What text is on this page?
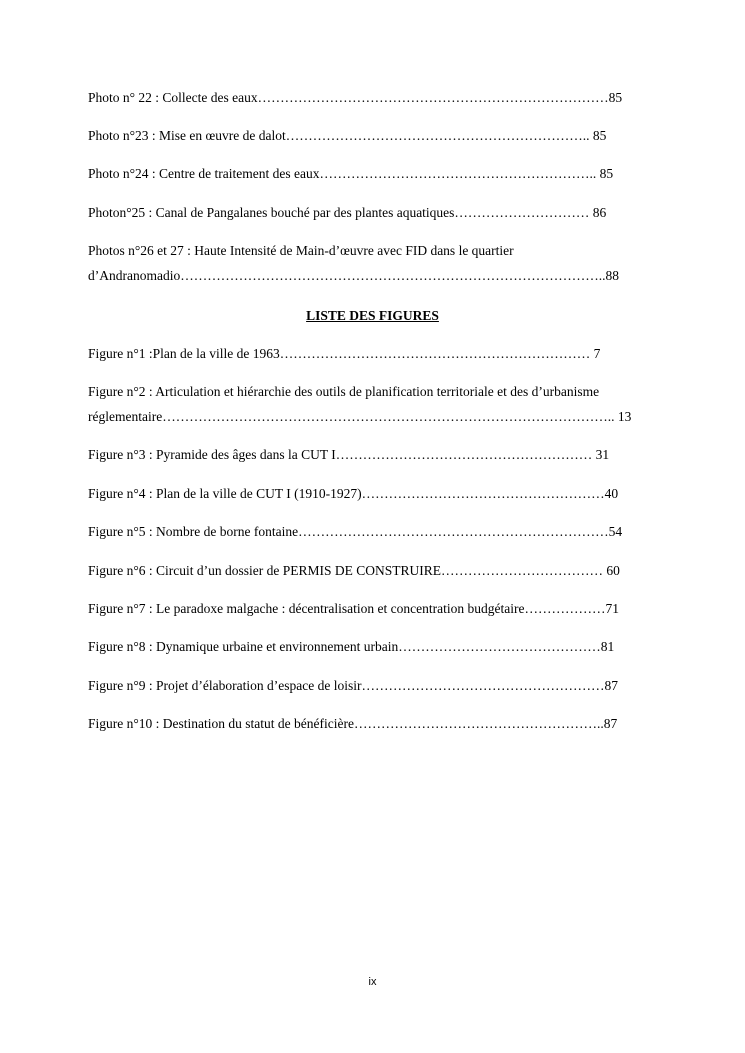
Photo n° 22 : Collecte des eaux……………………………………………………………………85
Photo n°23 : Mise en œuvre de dalot………………………………………………………….. 85
Photo n°24 : Centre de traitement des eaux…………………………………………………….. 85
Photon°25 : Canal de Pangalanes bouché par des plantes aquatiques………………………… 86
Photos n°26 et 27 : Haute Intensité de Main-d’œuvre avec FID dans le quartier
d’Andranomadio…………………………………………………………………………………..88
LISTE DES FIGURES
Figure n°1 :Plan de la ville de 1963…………………………………………………………… 7
Figure n°2 : Articulation et hiérarchie des outils de planification territoriale et des d’urbanisme
réglementaire……………………………………………………………………………………….. 13
Figure n°3 : Pyramide des âges dans la CUT I………………………………………………… 31
Figure n°4 : Plan de la ville de CUT I (1910-1927)………………………………………………40
Figure n°5 : Nombre de borne fontaine……………………………………………………………54
Figure n°6 : Circuit d’un dossier de PERMIS DE CONSTRUIRE……………………………… 60
Figure n°7 : Le paradoxe malgache : décentralisation et concentration budgétaire………………71
Figure n°8 : Dynamique urbaine et environnement urbain………………………………………81
Figure n°9 : Projet d’élaboration d’espace de loisir………………………………………………87
Figure n°10 : Destination du statut de bénéficière………………………………………………..87
ix
